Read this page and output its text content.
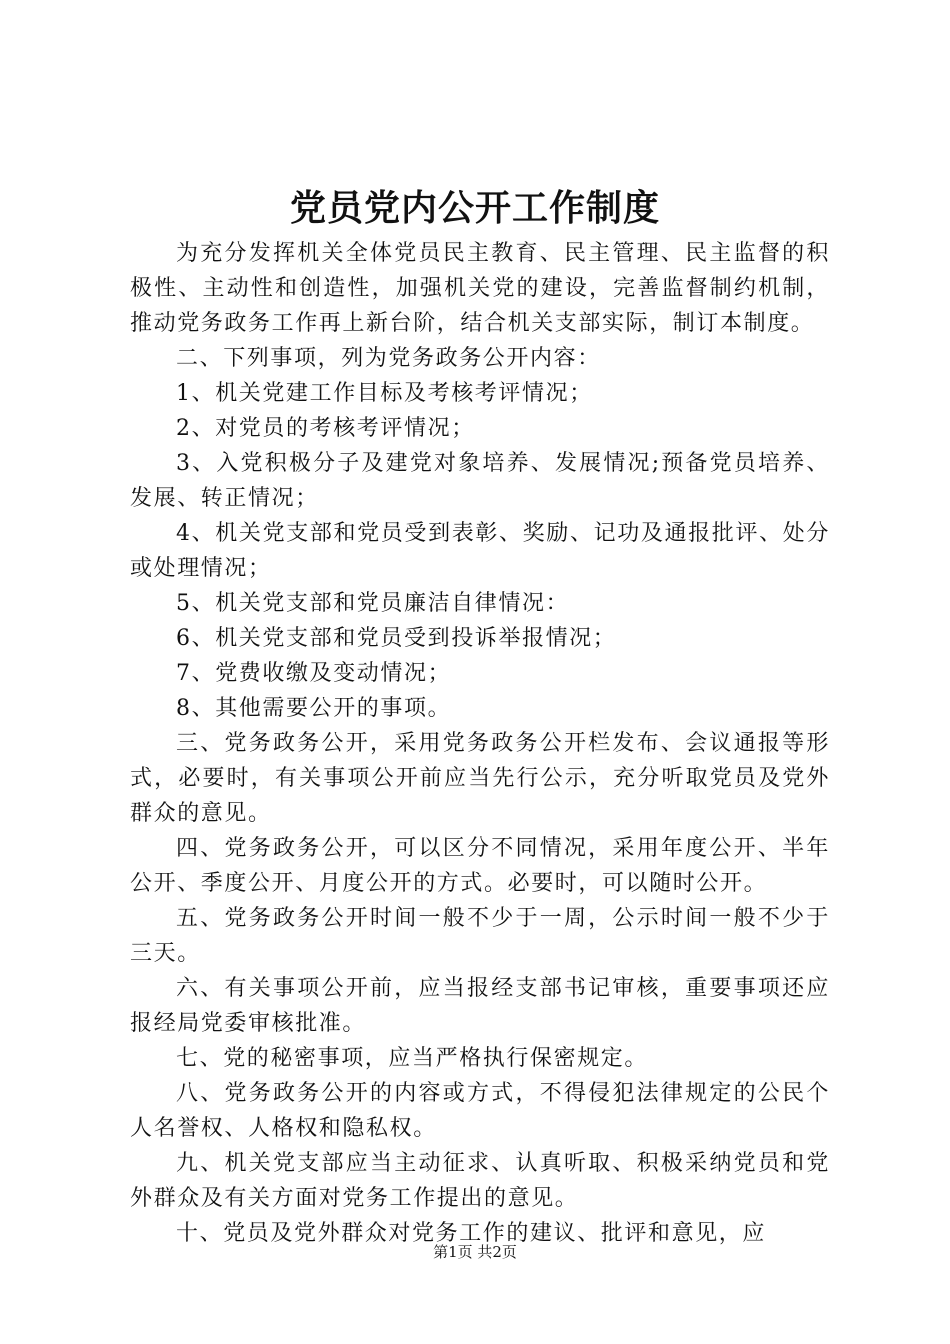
党员党内公开工作制度

为充分发挥机关全体党员民主教育、民主管理、民主监督的积极性、主动性和创造性，加强机关党的建设，完善监督制约机制，推动党务政务工作再上新台阶，结合机关支部实际，制订本制度。

二、下列事项，列为党务政务公开内容：

1、机关党建工作目标及考核考评情况；

2、对党员的考核考评情况；

3、入党积极分子及建党对象培养、发展情况;预备党员培养、发展、转正情况；

4、机关党支部和党员受到表彰、奖励、记功及通报批评、处分或处理情况；

5、机关党支部和党员廉洁自律情况：

6、机关党支部和党员受到投诉举报情况；

7、党费收缴及变动情况；

8、其他需要公开的事项。

三、党务政务公开，采用党务政务公开栏发布、会议通报等形式，必要时，有关事项公开前应当先行公示，充分听取党员及党外群众的意见。

四、党务政务公开，可以区分不同情况，采用年度公开、半年公开、季度公开、月度公开的方式。必要时，可以随时公开。

五、党务政务公开时间一般不少于一周，公示时间一般不少于三天。

六、有关事项公开前，应当报经支部书记审核，重要事项还应报经局党委审核批准。

七、党的秘密事项，应当严格执行保密规定。

八、党务政务公开的内容或方式，不得侵犯法律规定的公民个人名誉权、人格权和隐私权。

九、机关党支部应当主动征求、认真听取、积极采纳党员和党外群众及有关方面对党务工作提出的意见。

十、党员及党外群众对党务工作的建议、批评和意见，应

第1页 共2页
